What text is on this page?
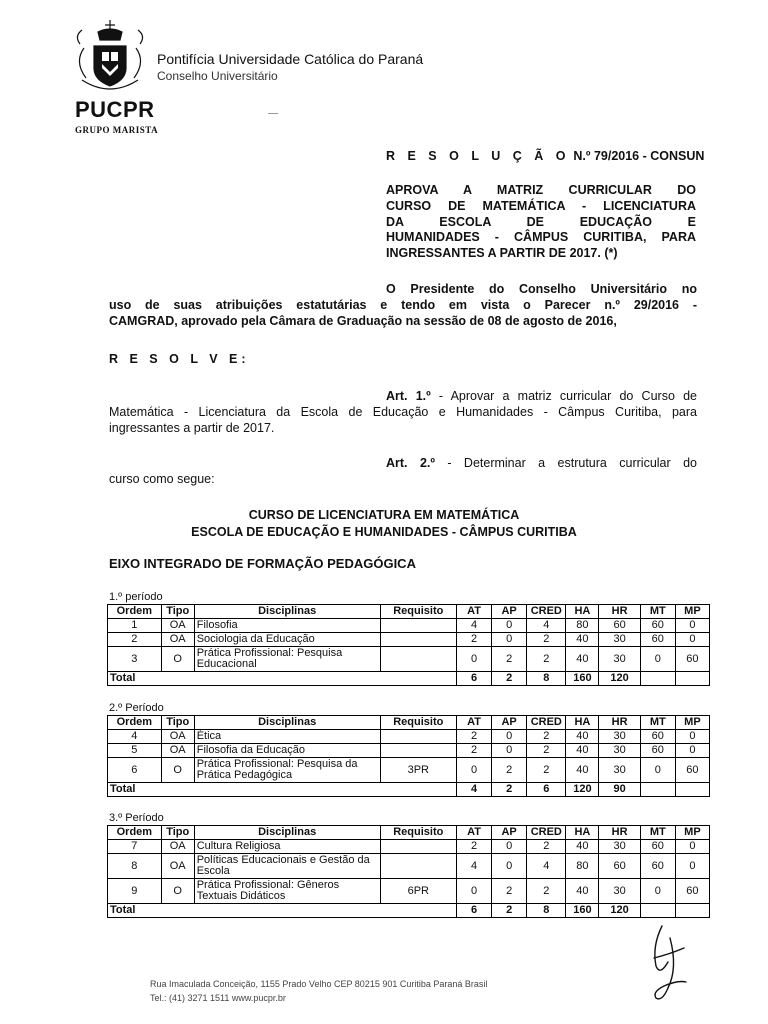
Pontifícia Universidade Católica do Paraná
Conselho Universitário
PUCPR
GRUPO MARISTA
R E S O L U Ç Ã O N.º 79/2016 - CONSUN
APROVA A MATRIZ CURRICULAR DO
CURSO DE MATEMÁTICA - LICENCIATURA
DA ESCOLA DE EDUCAÇÃO E
HUMANIDADES - CÂMPUS CURITIBA, PARA
INGRESSANTES A PARTIR DE 2017. (*)
O Presidente do Conselho Universitário no
uso de suas atribuições estatutárias e tendo em vista o Parecer n.º 29/2016 -
CAMGRAD, aprovado pela Câmara de Graduação na sessão de 08 de agosto de 2016,
R E S O L V E:
Art. 1.º - Aprovar a matriz curricular do Curso de
Matemática - Licenciatura da Escola de Educação e Humanidades - Câmpus Curitiba, para
ingressantes a partir de 2017.
Art. 2.º - Determinar a estrutura curricular do
curso como segue:
CURSO DE LICENCIATURA EM MATEMÁTICA
ESCOLA DE EDUCAÇÃO E HUMANIDADES - CÂMPUS CURITIBA
EIXO INTEGRADO DE FORMAÇÃO PEDAGÓGICA
1.º período
Ordem	Tipo	Disciplinas	Requisito	AT	AP	CRED	HA	HR	MT	MP
1	OA	Filosofia		4	0	4	80	60	60	0
2	OA	Sociologia da Educação		2	0	2	40	30	60	0
3	O	Prática Profissional: Pesquisa Educacional		0	2	2	40	30	0	60
Total				6	2	8	160	120		
2.º Período
Ordem	Tipo	Disciplinas	Requisito	AT	AP	CRED	HA	HR	MT	MP
4	OA	Ética		2	0	2	40	30	60	0
5	OA	Filosofia da Educação		2	0	2	40	30	60	0
6	O	Prática Profissional: Pesquisa da Prática Pedagógica	3PR	0	2	2	40	30	0	60
Total				4	2	6	120	90		
3.º Período
Ordem	Tipo	Disciplinas	Requisito	AT	AP	CRED	HA	HR	MT	MP
7	OA	Cultura Religiosa		2	0	2	40	30	60	0
8	OA	Políticas Educacionais e Gestão da Escola		4	0	4	80	60	60	0
9	O	Prática Profissional: Gêneros Textuais Didáticos	6PR	0	2	2	40	30	0	60
Total				6	2	8	160	120		
Rua Imaculada Conceição, 1155 Prado Velho CEP 80215 901 Curitiba Paraná Brasil
Tel.: (41) 3271 1511 www.pucpr.br
